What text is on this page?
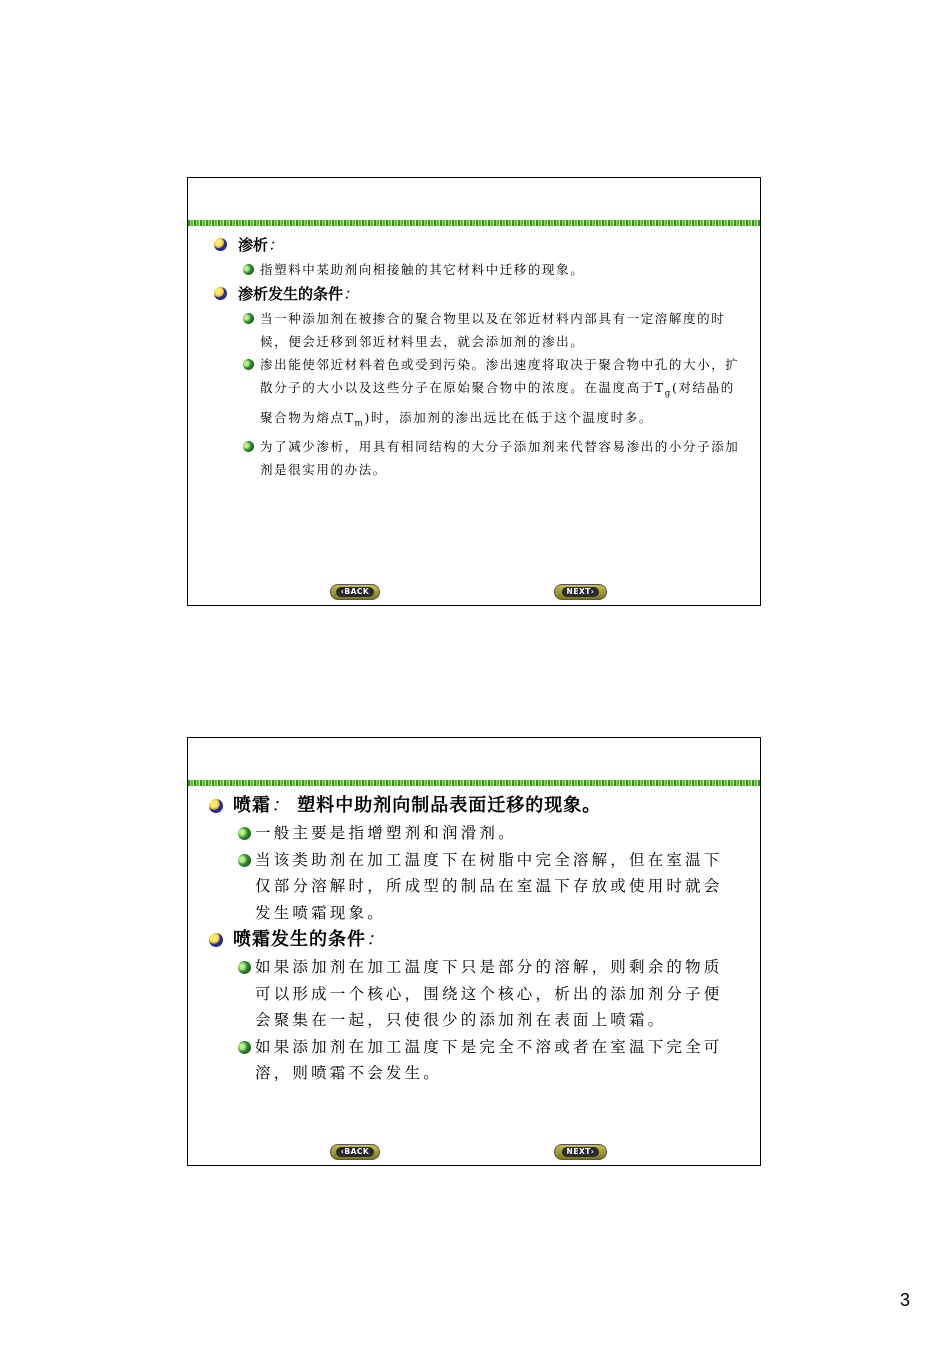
渗析：
指塑料中某助剂向相接触的其它材料中迁移的现象。
渗析发生的条件：
当一种添加剂在被掺合的聚合物里以及在邻近材料内部具有一定溶解度的时候，便会迁移到邻近材料里去，就会添加剂的渗出。
渗出能使邻近材料着色或受到污染。渗出速度将取决于聚合物中孔的大小，扩散分子的大小以及这些分子在原始聚合物中的浓度。在温度高于$T_g$(对结晶的聚合物为熔点$T_m$)时，添加剂的渗出远比在低于这个温度时多。
为了减少渗析，用具有相同结构的大分子添加剂来代替容易渗出的小分子添加剂是很实用的办法。
‹BACK	NEXT›
喷霜： 塑料中助剂向制品表面迁移的现象。
一般主要是指增塑剂和润滑剂。
当该类助剂在加工温度下在树脂中完全溶解，但在室温下仅部分溶解时，所成型的制品在室温下存放或使用时就会发生喷霜现象。
喷霜发生的条件：
如果添加剂在加工温度下只是部分的溶解，则剩余的物质可以形成一个核心，围绕这个核心，析出的添加剂分子便会聚集在一起，只使很少的添加剂在表面上喷霜。
如果添加剂在加工温度下是完全不溶或者在室温下完全可溶，则喷霜不会发生。
‹BACK	NEXT›
3
